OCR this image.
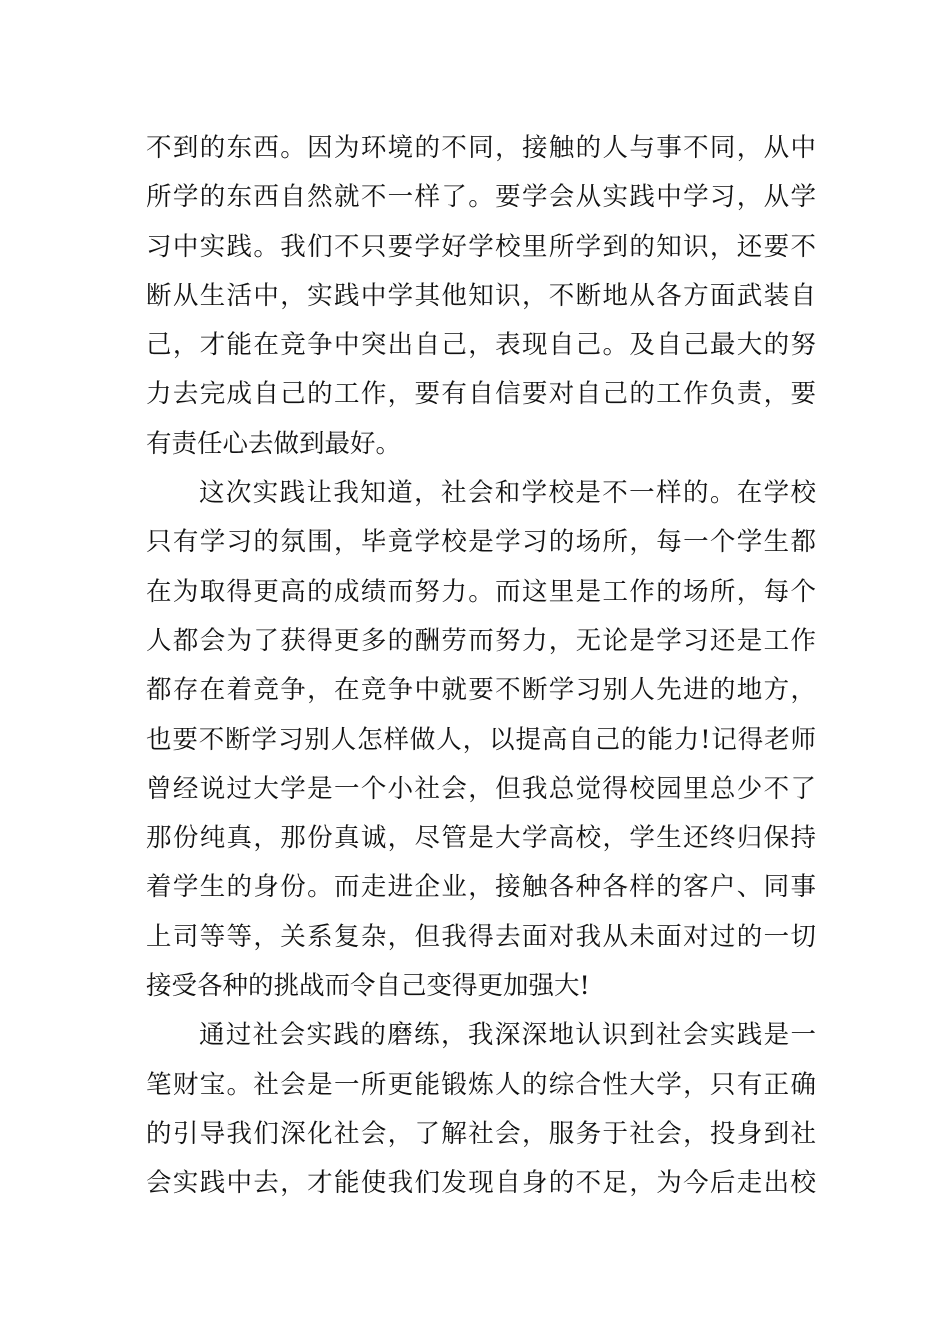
不到的东西。因为环境的不同，接触的人与事不同，从中
所学的东西自然就不一样了。要学会从实践中学习，从学
习中实践。我们不只要学好学校里所学到的知识，还要不
断从生活中，实践中学其他知识，不断地从各方面武装自
己，才能在竞争中突出自己，表现自己。及自己最大的努
力去完成自己的工作，要有自信要对自己的工作负责，要
有责任心去做到最好。
这次实践让我知道，社会和学校是不一样的。在学校
只有学习的氛围，毕竟学校是学习的场所，每一个学生都
在为取得更高的成绩而努力。而这里是工作的场所，每个
人都会为了获得更多的酬劳而努力，无论是学习还是工作
都存在着竞争，在竞争中就要不断学习别人先进的地方，
也要不断学习别人怎样做人，以提高自己的能力!记得老师
曾经说过大学是一个小社会，但我总觉得校园里总少不了
那份纯真，那份真诚，尽管是大学高校，学生还终归保持
着学生的身份。而走进企业，接触各种各样的客户、同事
上司等等，关系复杂，但我得去面对我从未面对过的一切
接受各种的挑战而令自己变得更加强大!
通过社会实践的磨练，我深深地认识到社会实践是一
笔财宝。社会是一所更能锻炼人的综合性大学，只有正确
的引导我们深化社会，了解社会，服务于社会，投身到社
会实践中去，才能使我们发现自身的不足，为今后走出校
